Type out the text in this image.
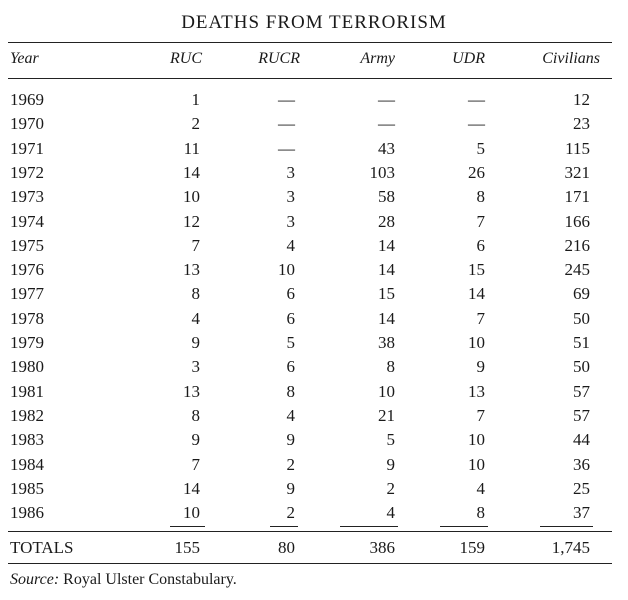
DEATHS FROM TERRORISM
Year	RUC	RUCR	Army	UDR	Civilians
1969	1	—	—	—	12
1970	2	—	—	—	23
1971	11	—	43	5	115
1972	14	3	103	26	321
1973	10	3	58	8	171
1974	12	3	28	7	166
1975	7	4	14	6	216
1976	13	10	14	15	245
1977	8	6	15	14	69
1978	4	6	14	7	50
1979	9	5	38	10	51
1980	3	6	8	9	50
1981	13	8	10	13	57
1982	8	4	21	7	57
1983	9	9	5	10	44
1984	7	2	9	10	36
1985	14	9	2	4	25
1986	10	2	4	8	37
TOTALS	155	80	386	159	1,745
Source: Royal Ulster Constabulary.
